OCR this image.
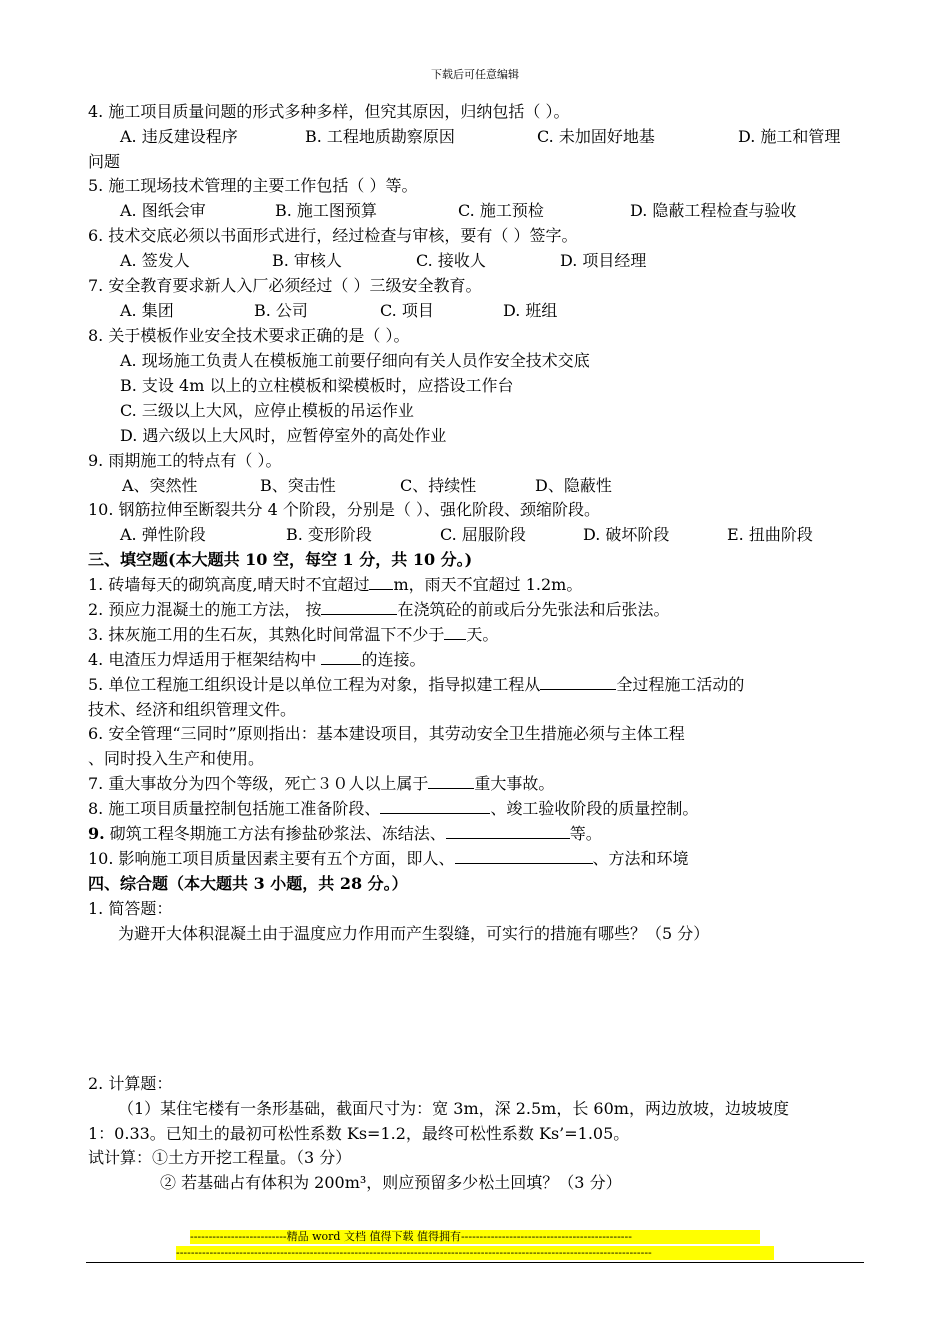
下载后可任意编辑
4. 施工项目质量问题的形式多种多样，但究其原因，归纳包括（ ）。
A. 违反建设程序	B. 工程地质勘察原因	C. 未加固好地基	D. 施工和管理
问题
5. 施工现场技术管理的主要工作包括（ ）等。
A. 图纸会审	B. 施工图预算	C. 施工预检	D. 隐蔽工程检查与验收
6. 技术交底必须以书面形式进行，经过检查与审核，要有（ ）签字。
A. 签发人	B. 审核人	C. 接收人	D. 项目经理
7. 安全教育要求新人入厂必须经过（ ）三级安全教育。
A. 集团	B. 公司	C. 项目	D. 班组
8. 关于模板作业安全技术要求正确的是（ ）。
A. 现场施工负责人在模板施工前要仔细向有关人员作安全技术交底
B. 支设 4m 以上的立柱模板和梁模板时，应搭设工作台
C. 三级以上大风，应停止模板的吊运作业
D. 遇六级以上大风时，应暂停室外的高处作业
9. 雨期施工的特点有（ ）。
A、突然性	B、突击性	C、持续性	D、隐蔽性
10. 钢筋拉伸至断裂共分 4 个阶段，分别是（ ）、强化阶段、颈缩阶段。
A. 弹性阶段	B. 变形阶段	C. 屈服阶段	D. 破坏阶段	E. 扭曲阶段
三、填空题(本大题共 10 空，每空 1 分，共 10 分。)
1. 砖墙每天的砌筑高度,晴天时不宜超过 m，雨天不宜超过 1.2m。
2. 预应力混凝土的施工方法， 按	在浇筑砼的前或后分先张法和后张法。
3. 抹灰施工用的生石灰，其熟化时间常温下不少于 天。
4. 电渣压力焊适用于框架结构中	的连接。
5. 单位工程施工组织设计是以单位工程为对象，指导拟建工程从	全过程施工活动的
技术、经济和组织管理文件。
6. 安全管理“三同时”原则指出：基本建设项目，其劳动安全卫生措施必须与主体工程
、同时投入生产和使用。
7. 重大事故分为四个等级，死亡３０人以上属于	重大事故。
8. 施工项目质量控制包括施工准备阶段、	、竣工验收阶段的质量控制。
9. 砌筑工程冬期施工方法有掺盐砂浆法、冻结法、	等。
10. 影响施工项目质量因素主要有五个方面，即人、	、方法和环境
四、综合题（本大题共 3 小题，共 28 分。）
1. 简答题：
为避开大体积混凝土由于温度应力作用而产生裂缝，可实行的措施有哪些？（5 分）
2. 计算题：
（1）某住宅楼有一条形基础，截面尺寸为：宽 3m，深 2.5m，长 60m，两边放坡，边坡坡度
1：0.33。已知土的最初可松性系数 Ks=1.2，最终可松性系数 Ks’=1.05。
试计算：①土方开挖工程量。（3 分）
② 若基础占有体积为 200m³，则应预留多少松土回填？（3 分）
--------------------------精品 word 文档 值得下载 值得拥有----------------------------------------------
--------------------------------------------------------------------------------------------------------------------------------
